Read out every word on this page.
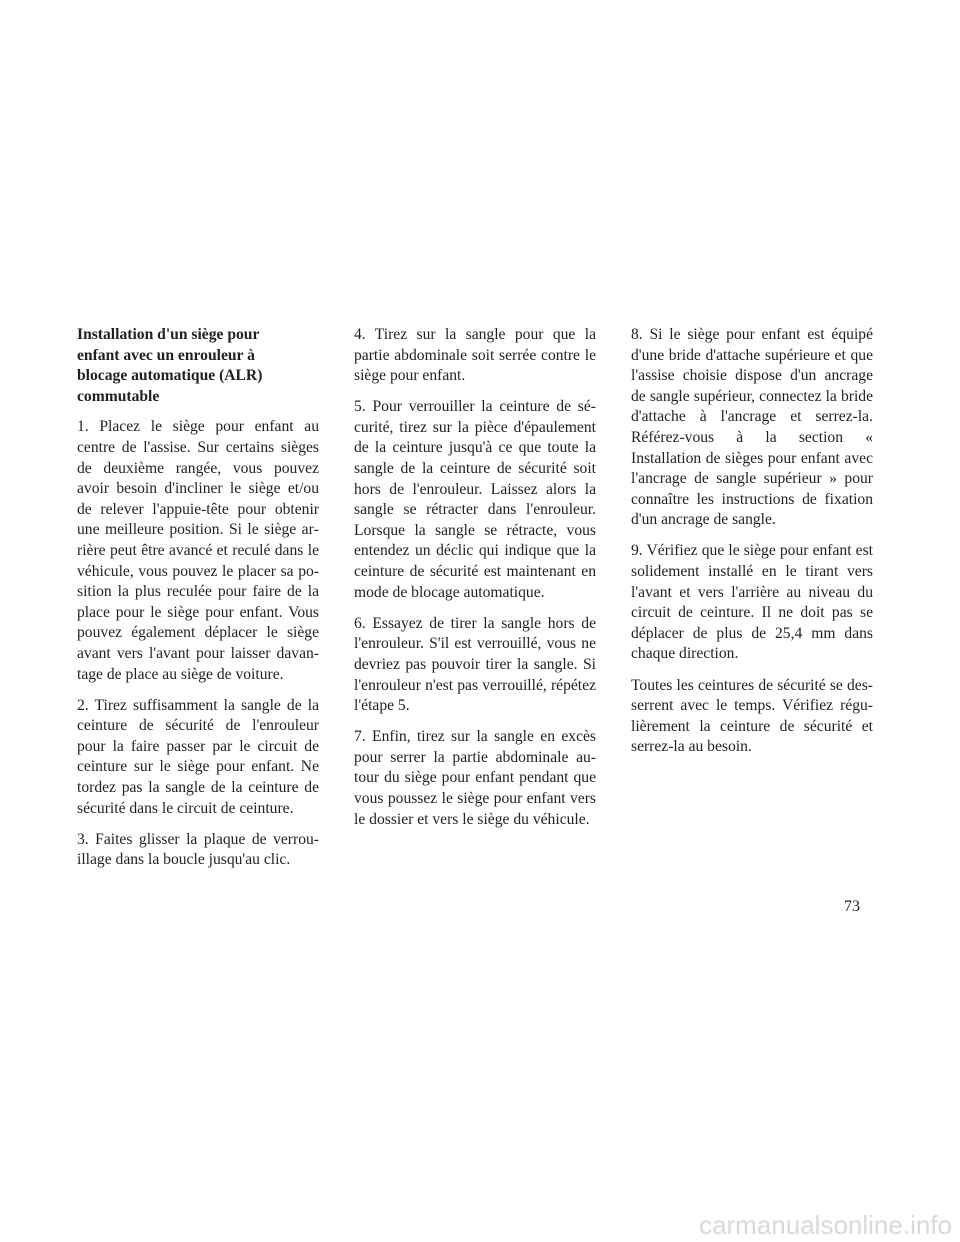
Installation d'un siège pour
enfant avec un enrouleur à
blocage automatique (ALR)
commutable

1. Placez le siège pour enfant au centre de l'assise. Sur certains sièges de deuxième rangée, vous pouvez avoir besoin d'incliner le siège et/ou de relever l'appuie-tête pour obtenir une meilleure position. Si le siège arrière peut être avancé et reculé dans le véhicule, vous pouvez le placer sa position la plus reculée pour faire de la place pour le siège pour enfant. Vous pouvez également déplacer le siège avant vers l'avant pour laisser davantage de place au siège de voiture.

2. Tirez suffisamment la sangle de la ceinture de sécurité de l'enrouleur pour la faire passer par le circuit de ceinture sur le siège pour enfant. Ne tordez pas la sangle de la ceinture de sécurité dans le circuit de ceinture.

3. Faites glisser la plaque de verrouillage dans la boucle jusqu'au clic.

4. Tirez sur la sangle pour que la partie abdominale soit serrée contre le siège pour enfant.

5. Pour verrouiller la ceinture de sécurité, tirez sur la pièce d'épaulement de la ceinture jusqu'à ce que toute la sangle de la ceinture de sécurité soit hors de l'enrouleur. Laissez alors la sangle se rétracter dans l'enrouleur. Lorsque la sangle se rétracte, vous entendez un déclic qui indique que la ceinture de sécurité est maintenant en mode de blocage automatique.

6. Essayez de tirer la sangle hors de l'enrouleur. S'il est verrouillé, vous ne devriez pas pouvoir tirer la sangle. Si l'enrouleur n'est pas verrouillé, répétez l'étape 5.

7. Enfin, tirez sur la sangle en excès pour serrer la partie abdominale autour du siège pour enfant pendant que vous poussez le siège pour enfant vers le dossier et vers le siège du véhicule.

8. Si le siège pour enfant est équipé d'une bride d'attache supérieure et que l'assise choisie dispose d'un ancrage de sangle supérieur, connectez la bride d'attache à l'ancrage et serrez-la. Référez-vous à la section « Installation de sièges pour enfant avec l'ancrage de sangle supérieur » pour connaître les instructions de fixation d'un ancrage de sangle.

9. Vérifiez que le siège pour enfant est solidement installé en le tirant vers l'avant et vers l'arrière au niveau du circuit de ceinture. Il ne doit pas se déplacer de plus de 25,4 mm dans chaque direction.

Toutes les ceintures de sécurité se desserrent avec le temps. Vérifiez régulièrement la ceinture de sécurité et serrez-la au besoin.

73
carmanualsonline.info
